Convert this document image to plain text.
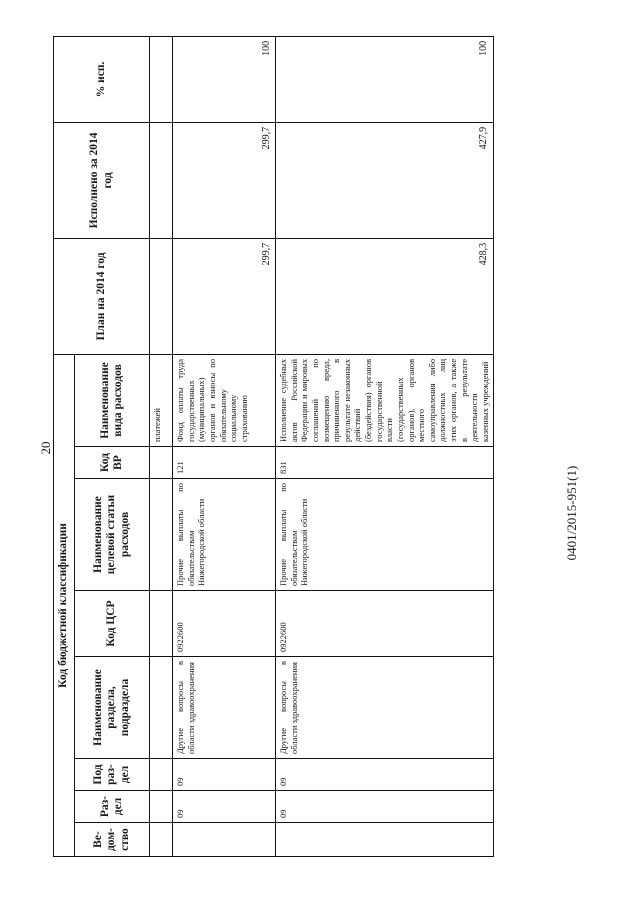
20
0401/2015-951(1)
Код бюджетной классификации								План на 2014 год	Исполнено за 2014 год	% исп.
Ве-дом-ство	Раз-дел	Под раз-дел	Наименование раздела, подраздела	Код ЦСР	Наименование целевой статьи расходов	Код ВР	Наименование вида расходов			
							платежей			
	09	09	Другие вопросы в области здравоохранения	0922600	Прочие выплаты по обязательствам Нижегородской области	121	Фонд оплаты труда государственных (муниципальных) органов и взносы по обязательному социальному страхованию	299,7	299,7	100
	09	09	Другие вопросы в области здравоохранения	0922600	Прочие выплаты по обязательствам Нижегородской области	831	Исполнение судебных актов Российской Федерации и мировых соглашений по возмещению вреда, причиненного в результате незаконных действий (бездействия) органов государственной власти (государственных органов), органов местного самоуправления либо должностных лиц этих органов, а также в результате деятельности казенных учреждений	428,3	427,9	100
